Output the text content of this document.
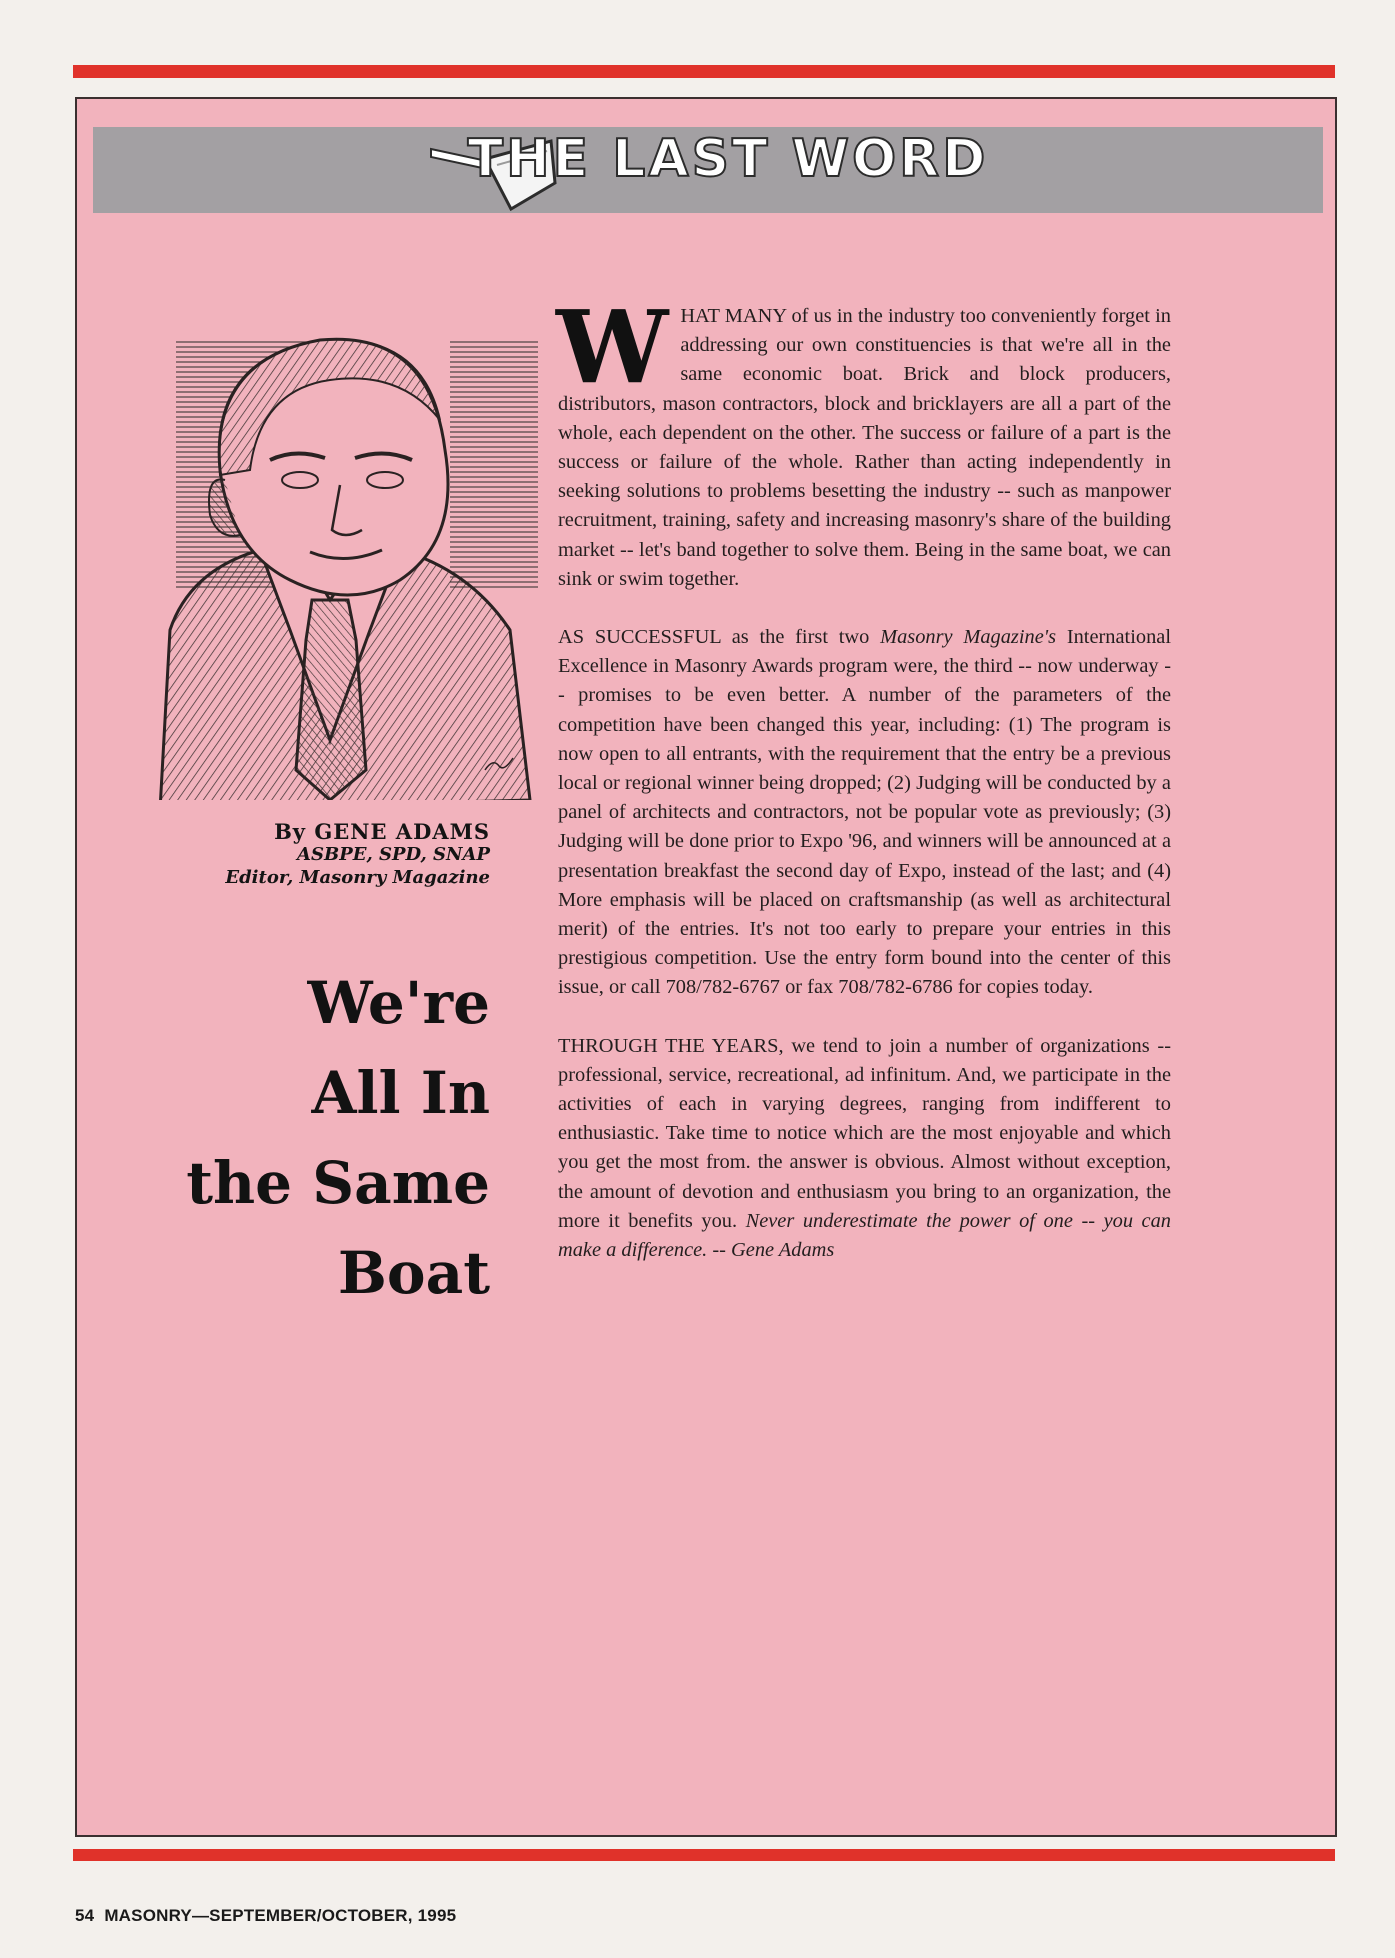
THE LAST WORD
By GENE ADAMS
ASBPE, SPD, SNAP
Editor, Masonry Magazine
We're
All In
the Same
Boat

WHAT MANY of us in the industry too conveniently forget in addressing our own constituencies is that we're all in the same economic boat. Brick and block producers, distributors, mason contractors, block and bricklayers are all a part of the whole, each dependent on the other. The success or failure of a part is the success or failure of the whole. Rather than acting independently in seeking solutions to problems besetting the industry -- such as manpower recruitment, training, safety and increasing masonry's share of the building market -- let's band together to solve them. Being in the same boat, we can sink or swim together.

AS SUCCESSFUL as the first two Masonry Magazine's International Excellence in Masonry Awards program were, the third -- now underway -- promises to be even better. A number of the parameters of the competition have been changed this year, including: (1) The program is now open to all entrants, with the requirement that the entry be a previous local or regional winner being dropped; (2) Judging will be conducted by a panel of architects and contractors, not be popular vote as previously; (3) Judging will be done prior to Expo '96, and winners will be announced at a presentation breakfast the second day of Expo, instead of the last; and (4) More emphasis will be placed on craftsmanship (as well as architectural merit) of the entries. It's not too early to prepare your entries in this prestigious competition. Use the entry form bound into the center of this issue, or call 708/782-6767 or fax 708/782-6786 for copies today.

THROUGH THE YEARS, we tend to join a number of organizations -- professional, service, recreational, ad infinitum. And, we participate in the activities of each in varying degrees, ranging from indifferent to enthusiastic. Take time to notice which are the most enjoyable and which you get the most from. the answer is obvious. Almost without exception, the amount of devotion and enthusiasm you bring to an organization, the more it benefits you. Never underestimate the power of one -- you can make a difference. -- Gene Adams

54 MASONRY—SEPTEMBER/OCTOBER, 1995
